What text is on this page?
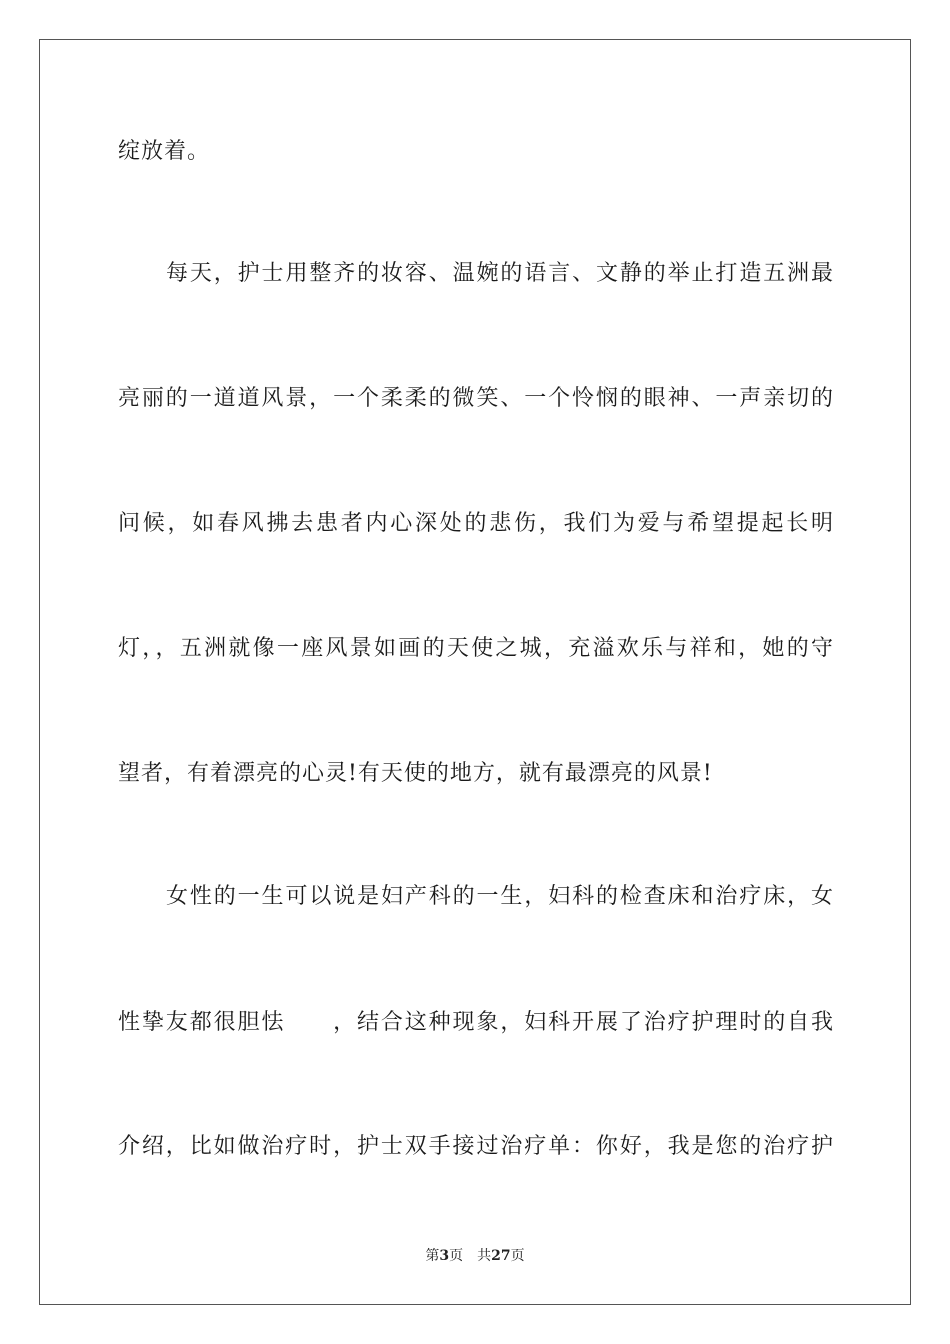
绽放着。
每天，护士用整齐的妆容、温婉的语言、文静的举止打造五洲最
亮丽的一道道风景，一个柔柔的微笑、一个怜悯的眼神、一声亲切的
问候，如春风拂去患者内心深处的悲伤，我们为爱与希望提起长明
灯，，五洲就像一座风景如画的天使之城，充溢欢乐与祥和，她的守
望者，有着漂亮的心灵!有天使的地方，就有最漂亮的风景!
女性的一生可以说是妇产科的一生，妇科的检查床和治疗床，女
性挚友都很胆怯　　，结合这种现象，妇科开展了治疗护理时的自我
介绍，比如做治疗时，护士双手接过治疗单：你好，我是您的治疗护
第3页 共27页
